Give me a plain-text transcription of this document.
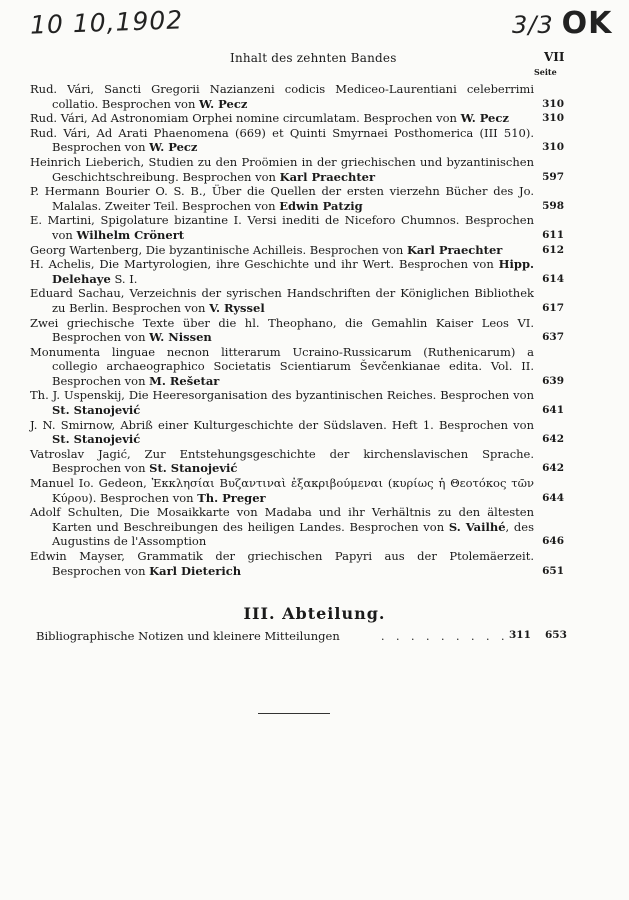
10 10,1902	3/3 OK
Inhalt des zehnten Bandes	VII
Seite
Rud. Vári, Sancti Gregorii Nazianzeni codicis Mediceo-Laurentiani celeberrimi collatio. Besprochen von W. Pecz	310
Rud. Vári, Ad Astronomiam Orphei nomine circumlatam. Besprochen von W. Pecz	310
Rud. Vári, Ad Arati Phaenomena (669) et Quinti Smyrnaei Posthomerica (III 510). Besprochen von W. Pecz	310
Heinrich Lieberich, Studien zu den Proömien in der griechischen und byzantinischen Geschichtschreibung. Besprochen von Karl Praechter	597
P. Hermann Bourier O. S. B., Über die Quellen der ersten vierzehn Bücher des Jo. Malalas. Zweiter Teil. Besprochen von Edwin Patzig	598
E. Martini, Spigolature bizantine I. Versi inediti de Niceforo Chumnos. Besprochen von Wilhelm Crönert	611
Georg Wartenberg, Die byzantinische Achilleis. Besprochen von Karl Praechter	612
H. Achelis, Die Martyrologien, ihre Geschichte und ihr Wert. Besprochen von Hipp. Delehaye S. I.	614
Eduard Sachau, Verzeichnis der syrischen Handschriften der Königlichen Bibliothek zu Berlin. Besprochen von V. Ryssel	617
Zwei griechische Texte über die hl. Theophano, die Gemahlin Kaiser Leos VI. Besprochen von W. Nissen	637
Monumenta linguae necnon litterarum Ucraino-Russicarum (Ruthenicarum) a collegio archaeographico Societatis Scientiarum Ševčenkianae edita. Vol. II. Besprochen von M. Rešetar	639
Th. J. Uspenskij, Die Heeresorganisation des byzantinischen Reiches. Besprochen von St. Stanojević	641
J. N. Smirnow, Abriß einer Kulturgeschichte der Südslaven. Heft 1. Besprochen von St. Stanojević	642
Vatroslav Jagić, Zur Entstehungsgeschichte der kirchenslavischen Sprache. Besprochen von St. Stanojević	642
Manuel Io. Gedeon, Ἐκκλησίαι Βυζαντιναὶ ἐξακριβούμεναι (κυρίως ἡ Θεοτόκος τῶν Κύρου). Besprochen von Th. Preger	644
Adolf Schulten, Die Mosaikkarte von Madaba und ihr Verhältnis zu den ältesten Karten und Beschreibungen des heiligen Landes. Besprochen von S. Vailhé, des Augustins de l'Assomption	646
Edwin Mayser, Grammatik der griechischen Papyri aus der Ptolemäerzeit. Besprochen von Karl Dieterich	651
III. Abteilung.
Bibliographische Notizen und kleinere Mitteilungen	. . . . . . . . . 311 653
